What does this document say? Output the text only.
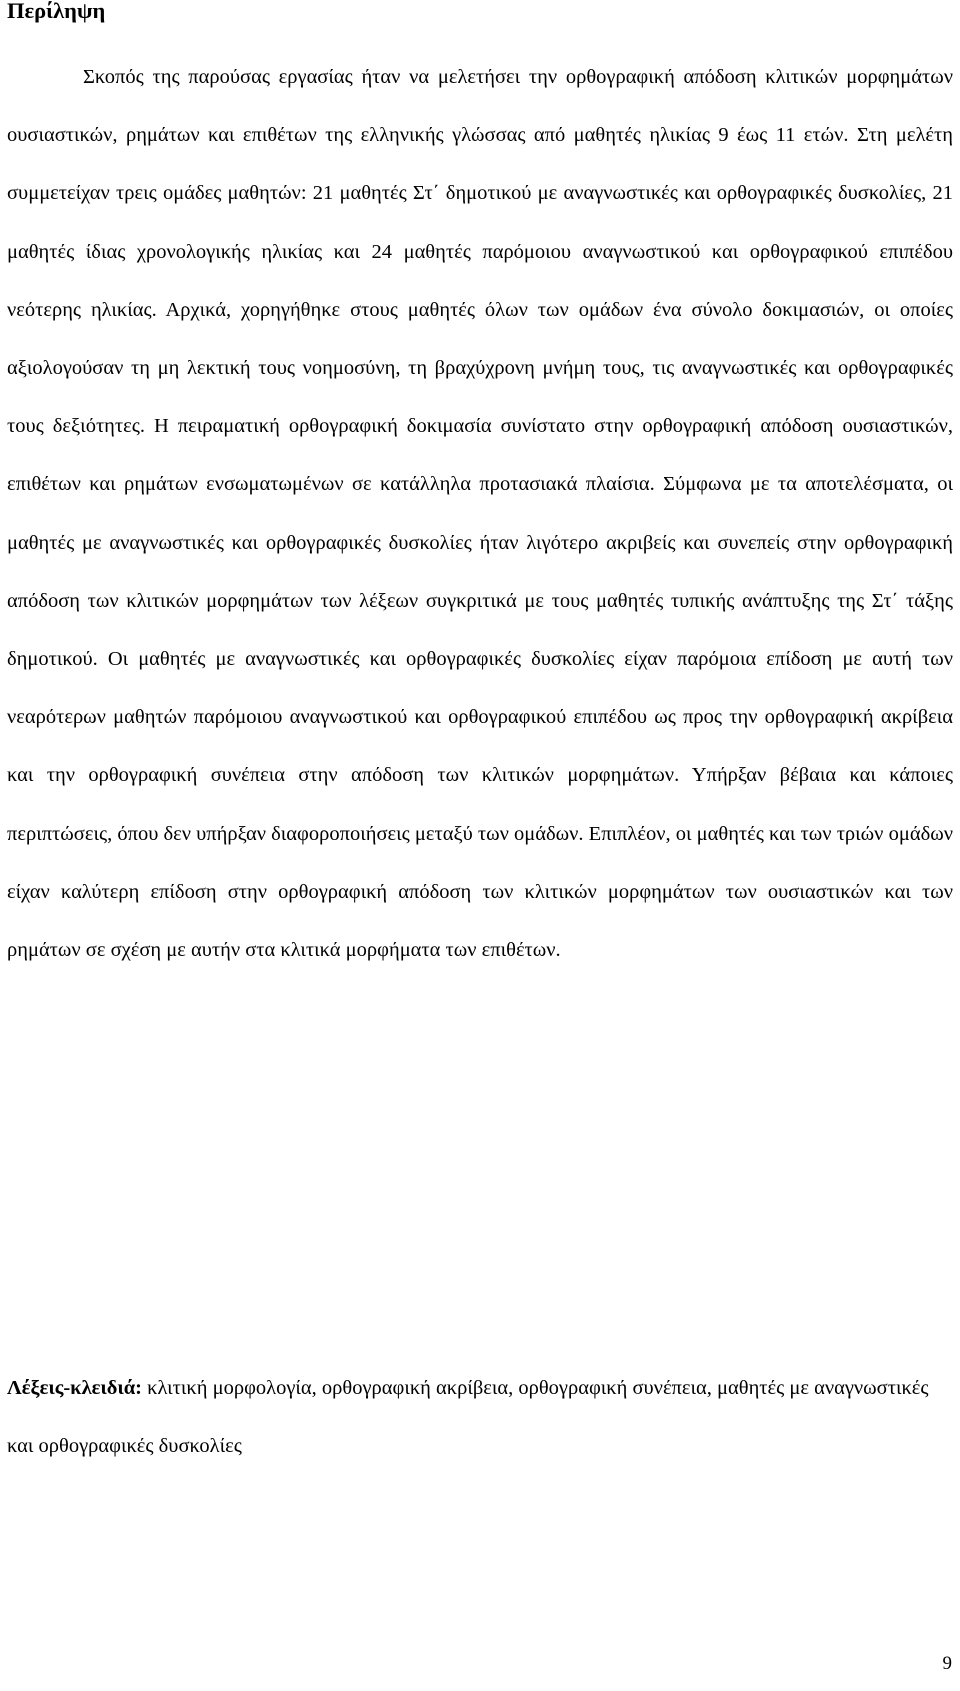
Περίληψη

Σκοπός της παρούσας εργασίας ήταν να μελετήσει την ορθογραφική απόδοση κλιτικών μορφημάτων ουσιαστικών, ρημάτων και επιθέτων της ελληνικής γλώσσας από μαθητές ηλικίας 9 έως 11 ετών. Στη μελέτη συμμετείχαν τρεις ομάδες μαθητών: 21 μαθητές Στ΄ δημοτικού με αναγνωστικές και ορθογραφικές δυσκολίες, 21 μαθητές ίδιας χρονολογικής ηλικίας και 24 μαθητές παρόμοιου αναγνωστικού και ορθογραφικού επιπέδου νεότερης ηλικίας. Αρχικά, χορηγήθηκε στους μαθητές όλων των ομάδων ένα σύνολο δοκιμασιών, οι οποίες αξιολογούσαν τη μη λεκτική τους νοημοσύνη, τη βραχύχρονη μνήμη τους, τις αναγνωστικές και ορθογραφικές τους δεξιότητες. Η πειραματική ορθογραφική δοκιμασία συνίστατο στην ορθογραφική απόδοση ουσιαστικών, επιθέτων και ρημάτων ενσωματωμένων σε κατάλληλα προτασιακά πλαίσια. Σύμφωνα με τα αποτελέσματα, οι μαθητές με αναγνωστικές και ορθογραφικές δυσκολίες ήταν λιγότερο ακριβείς και συνεπείς στην ορθογραφική απόδοση των κλιτικών μορφημάτων των λέξεων συγκριτικά με τους μαθητές τυπικής ανάπτυξης της Στ΄ τάξης δημοτικού. Οι μαθητές με αναγνωστικές και ορθογραφικές δυσκολίες είχαν παρόμοια επίδοση με αυτή των νεαρότερων μαθητών παρόμοιου αναγνωστικού και ορθογραφικού επιπέδου ως προς την ορθογραφική ακρίβεια και την ορθογραφική συνέπεια στην απόδοση των κλιτικών μορφημάτων. Υπήρξαν βέβαια και κάποιες περιπτώσεις, όπου δεν υπήρξαν διαφοροποιήσεις μεταξύ των ομάδων. Επιπλέον, οι μαθητές και των τριών ομάδων είχαν καλύτερη επίδοση στην ορθογραφική απόδοση των κλιτικών μορφημάτων των ουσιαστικών και των ρημάτων σε σχέση με αυτήν στα κλιτικά μορφήματα των επιθέτων.

Λέξεις-κλειδιά: κλιτική μορφολογία, ορθογραφική ακρίβεια, ορθογραφική συνέπεια, μαθητές με αναγνωστικές και ορθογραφικές δυσκολίες

9
